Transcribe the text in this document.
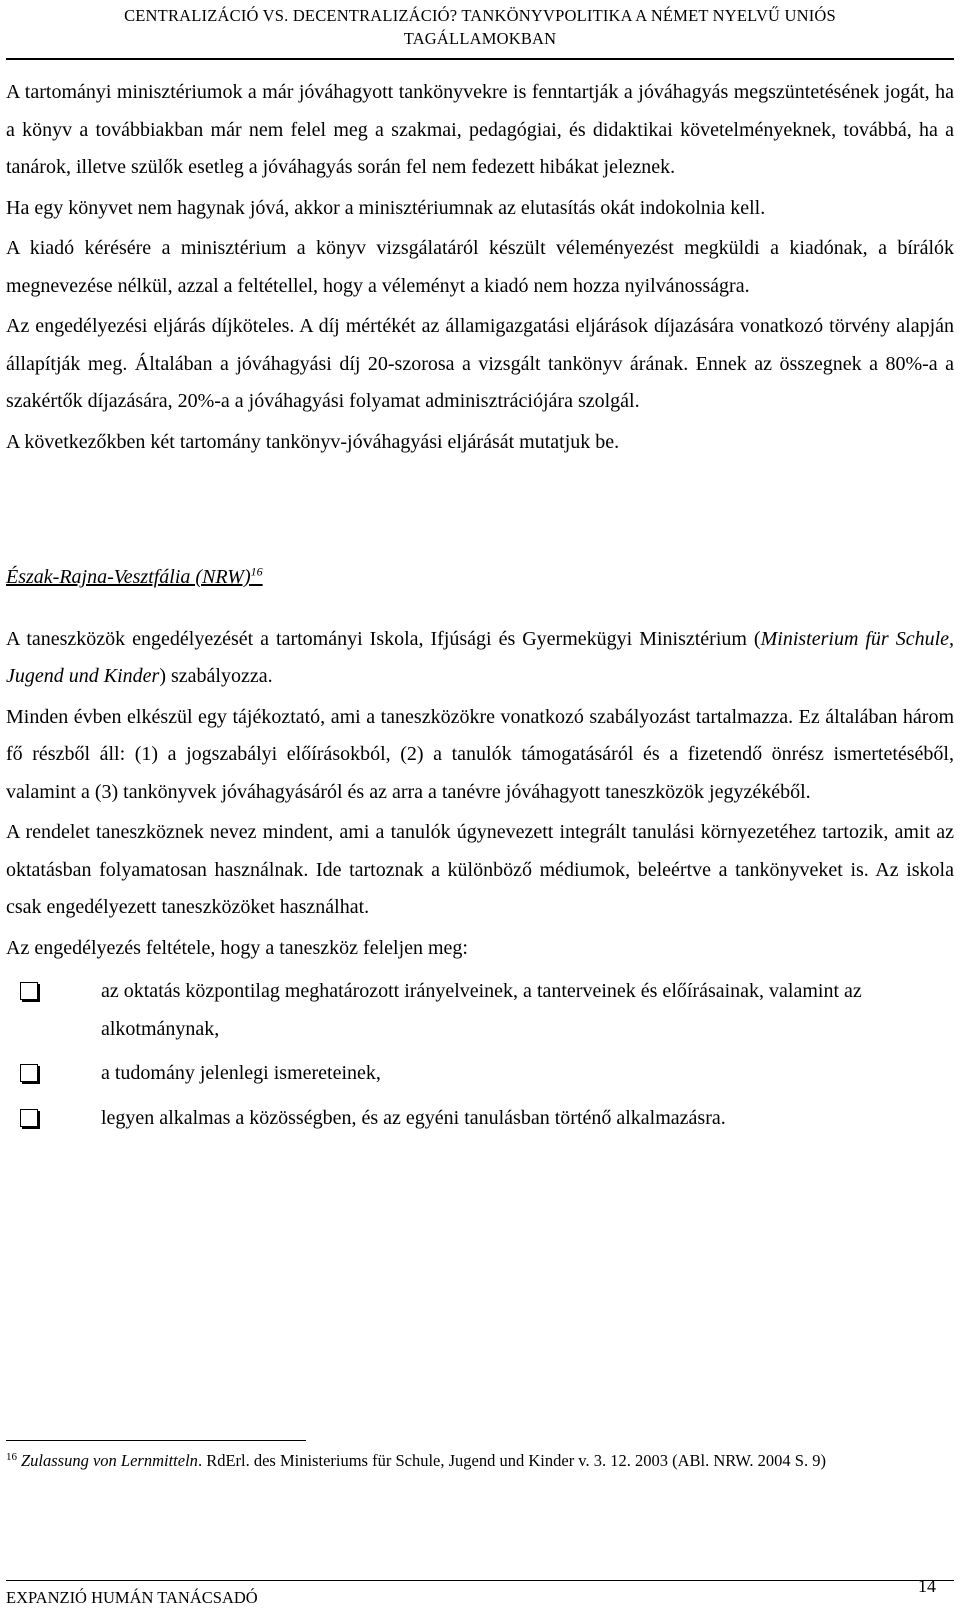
CENTRALIZÁCIÓ VS. DECENTRALIZÁCIÓ? TANKÖNYVPOLITIKA A NÉMET NYELVŰ UNIÓS
TAGÁLLAMOKBAN

A tartományi minisztériumok a már jóváhagyott tankönyvekre is fenntartják a jóváhagyás megszüntetésének jogát, ha a könyv a továbbiakban már nem felel meg a szakmai, pedagógiai, és didaktikai követelményeknek, továbbá, ha a tanárok, illetve szülők esetleg a jóváhagyás során fel nem fedezett hibákat jeleznek.

Ha egy könyvet nem hagynak jóvá, akkor a minisztériumnak az elutasítás okát indokolnia kell.

A kiadó kérésére a minisztérium a könyv vizsgálatáról készült véleményezést megküldi a kiadónak, a bírálók megnevezése nélkül, azzal a feltétellel, hogy a véleményt a kiadó nem hozza nyilvánosságra.

Az engedélyezési eljárás díjköteles. A díj mértékét az államigazgatási eljárások díjazására vonatkozó törvény alapján állapítják meg. Általában a jóváhagyási díj 20-szorosa a vizsgált tankönyv árának. Ennek az összegnek a 80%-a a szakértők díjazására, 20%-a a jóváhagyási folyamat adminisztrációjára szolgál.

A következőkben két tartomány tankönyv-jóváhagyási eljárását mutatjuk be.

Észak-Rajna-Vesztfália (NRW)$^{16}$

A taneszközök engedélyezését a tartományi Iskola, Ifjúsági és Gyermekügyi Minisztérium (Ministerium für Schule, Jugend und Kinder) szabályozza.

Minden évben elkészül egy tájékoztató, ami a taneszközökre vonatkozó szabályozást tartalmazza. Ez általában három fő részből áll: (1) a jogszabályi előírásokból, (2) a tanulók támogatásáról és a fizetendő önrész ismertetéséből, valamint a (3) tankönyvek jóváhagyásáról és az arra a tanévre jóváhagyott taneszközök jegyzékéből.

A rendelet taneszköznek nevez mindent, ami a tanulók úgynevezett integrált tanulási környezetéhez tartozik, amit az oktatásban folyamatosan használnak. Ide tartoznak a különböző médiumok, beleértve a tankönyveket is. Az iskola csak engedélyezett taneszközöket használhat.

Az engedélyezés feltétele, hogy a taneszköz feleljen meg:

az oktatás központilag meghatározott irányelveinek, a tanterveinek és előírásainak, valamint az alkotmánynak,
a tudomány jelenlegi ismereteinek,
legyen alkalmas a közösségben, és az egyéni tanulásban történő alkalmazásra.
$^{16}$ Zulassung von Lernmitteln. RdErl. des Ministeriums für Schule, Jugend und Kinder v. 3. 12. 2003 (ABl. NRW. 2004 S. 9)
EXPANZIÓ HUMÁN TANÁCSADÓ
14
